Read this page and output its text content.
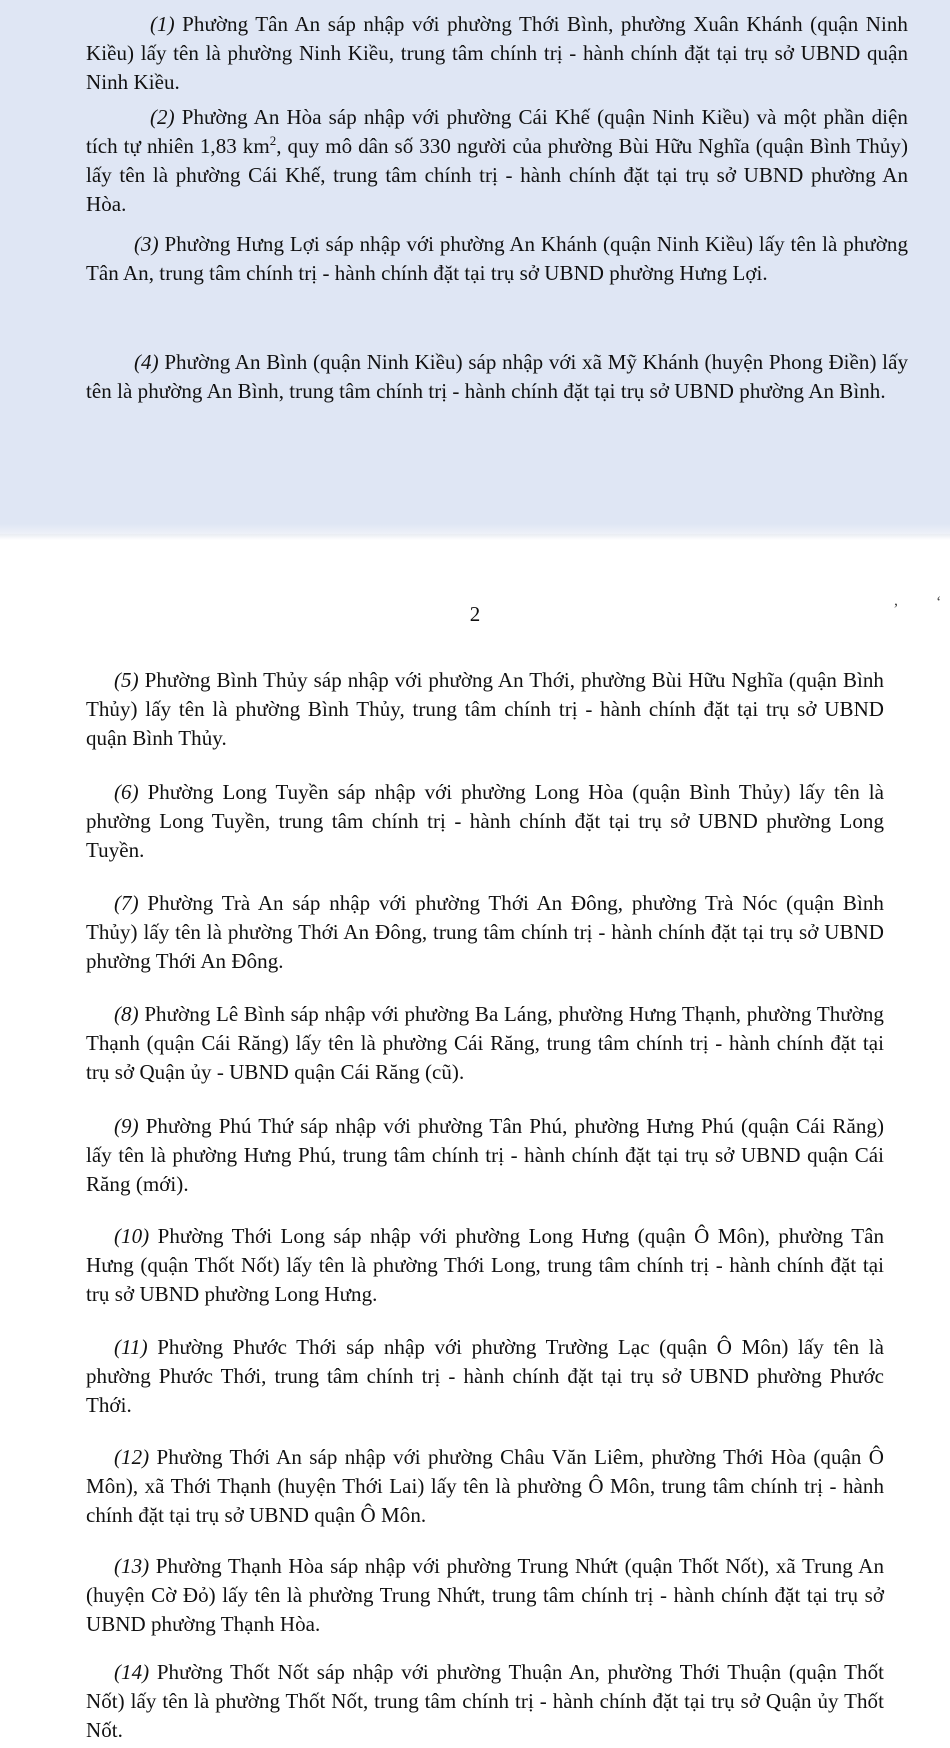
(1) Phường Tân An sáp nhập với phường Thới Bình, phường Xuân Khánh (quận Ninh Kiều) lấy tên là phường Ninh Kiều, trung tâm chính trị - hành chính đặt tại trụ sở UBND quận Ninh Kiều.

(2) Phường An Hòa sáp nhập với phường Cái Khế (quận Ninh Kiều) và một phần diện tích tự nhiên 1,83 $km^2$, quy mô dân số 330 người của phường Bùi Hữu Nghĩa (quận Bình Thủy) lấy tên là phường Cái Khế, trung tâm chính trị - hành chính đặt tại trụ sở UBND phường An Hòa.

(3) Phường Hưng Lợi sáp nhập với phường An Khánh (quận Ninh Kiều) lấy tên là phường Tân An, trung tâm chính trị - hành chính đặt tại trụ sở UBND phường Hưng Lợi.

(4) Phường An Bình (quận Ninh Kiều) sáp nhập với xã Mỹ Khánh (huyện Phong Điền) lấy tên là phường An Bình, trung tâm chính trị - hành chính đặt tại trụ sở UBND phường An Bình.

2
, ‘

(5) Phường Bình Thủy sáp nhập với phường An Thới, phường Bùi Hữu Nghĩa (quận Bình Thủy) lấy tên là phường Bình Thủy, trung tâm chính trị - hành chính đặt tại trụ sở UBND quận Bình Thủy.

(6) Phường Long Tuyền sáp nhập với phường Long Hòa (quận Bình Thủy) lấy tên là phường Long Tuyền, trung tâm chính trị - hành chính đặt tại trụ sở UBND phường Long Tuyền.

(7) Phường Trà An sáp nhập với phường Thới An Đông, phường Trà Nóc (quận Bình Thủy) lấy tên là phường Thới An Đông, trung tâm chính trị - hành chính đặt tại trụ sở UBND phường Thới An Đông.

(8) Phường Lê Bình sáp nhập với phường Ba Láng, phường Hưng Thạnh, phường Thường Thạnh (quận Cái Răng) lấy tên là phường Cái Răng, trung tâm chính trị - hành chính đặt tại trụ sở Quận ủy - UBND quận Cái Răng (cũ).

(9) Phường Phú Thứ sáp nhập với phường Tân Phú, phường Hưng Phú (quận Cái Răng) lấy tên là phường Hưng Phú, trung tâm chính trị - hành chính đặt tại trụ sở UBND quận Cái Răng (mới).

(10) Phường Thới Long sáp nhập với phường Long Hưng (quận Ô Môn), phường Tân Hưng (quận Thốt Nốt) lấy tên là phường Thới Long, trung tâm chính trị - hành chính đặt tại trụ sở UBND phường Long Hưng.

(11) Phường Phước Thới sáp nhập với phường Trường Lạc (quận Ô Môn) lấy tên là phường Phước Thới, trung tâm chính trị - hành chính đặt tại trụ sở UBND phường Phước Thới.

(12) Phường Thới An sáp nhập với phường Châu Văn Liêm, phường Thới Hòa (quận Ô Môn), xã Thới Thạnh (huyện Thới Lai) lấy tên là phường Ô Môn, trung tâm chính trị - hành chính đặt tại trụ sở UBND quận Ô Môn.

(13) Phường Thạnh Hòa sáp nhập với phường Trung Nhứt (quận Thốt Nốt), xã Trung An (huyện Cờ Đỏ) lấy tên là phường Trung Nhứt, trung tâm chính trị - hành chính đặt tại trụ sở UBND phường Thạnh Hòa.

(14) Phường Thốt Nốt sáp nhập với phường Thuận An, phường Thới Thuận (quận Thốt Nốt) lấy tên là phường Thốt Nốt, trung tâm chính trị - hành chính đặt tại trụ sở Quận ủy Thốt Nốt.
